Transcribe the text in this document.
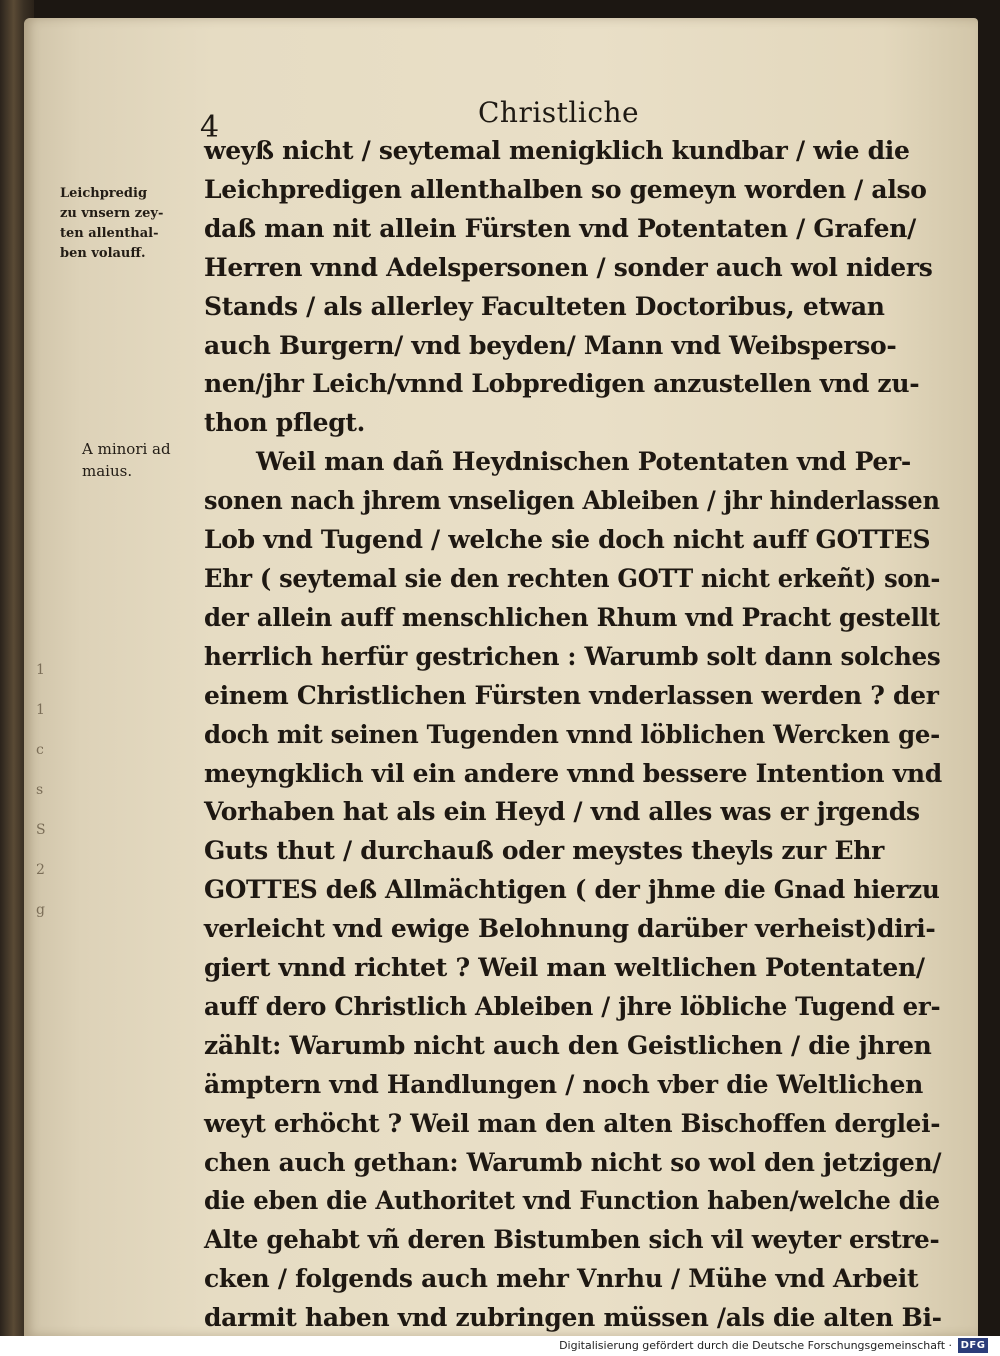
1
1
c
s
S
2
g
4	Christliche
Leichpredig
zu vnsern zey-
ten allenthal-
ben volauff.
A minori ad
maius.
weyß nicht / seytemal menigklich kundbar / wie die
Leichpredigen allenthalben so gemeyn worden / also
daß man nit allein Fürsten vnd Potentaten / Grafen/
Herren vnnd Adelspersonen / sonder auch wol niders
Stands / als allerley Faculteten Doctoribus, etwan
auch Burgern/ vnd beyden/ Mann vnd Weibsperso-
nen/jhr Leich/vnnd Lobpredigen anzustellen vnd zu-
thon pflegt.
Weil man dañ Heydnischen Potentaten vnd Per-
sonen nach jhrem vnseligen Ableiben / jhr hinderlassen
Lob vnd Tugend / welche sie doch nicht auff GOTTES
Ehr ( seytemal sie den rechten GOTT nicht erkeñt) son-
der allein auff menschlichen Rhum vnd Pracht gestellt
herrlich herfür gestrichen : Warumb solt dann solches
einem Christlichen Fürsten vnderlassen werden ? der
doch mit seinen Tugenden vnnd löblichen Wercken ge-
meyngklich vil ein andere vnnd bessere Intention vnd
Vorhaben hat als ein Heyd / vnd alles was er jrgends
Guts thut / durchauß oder meystes theyls zur Ehr
GOTTES deß Allmächtigen ( der jhme die Gnad hierzu
verleicht vnd ewige Belohnung darüber verheist)diri-
giert vnnd richtet ? Weil man weltlichen Potentaten/
auff dero Christlich Ableiben / jhre löbliche Tugend er-
zählt: Warumb nicht auch den Geistlichen / die jhren
ämptern vnd Handlungen / noch vber die Weltlichen
weyt erhöcht ? Weil man den alten Bischoffen derglei-
chen auch gethan: Warumb nicht so wol den jetzigen/
die eben die Authoritet vnd Function haben/welche die
Alte gehabt vñ deren Bistumben sich vil weyter erstre-
cken / folgends auch mehr Vnrhu / Mühe vnd Arbeit
darmit haben vnd zubringen müssen /als die alten Bi-
Digitalisierung gefördert durch die Deutsche Forschungsgemeinschaft · DFG
